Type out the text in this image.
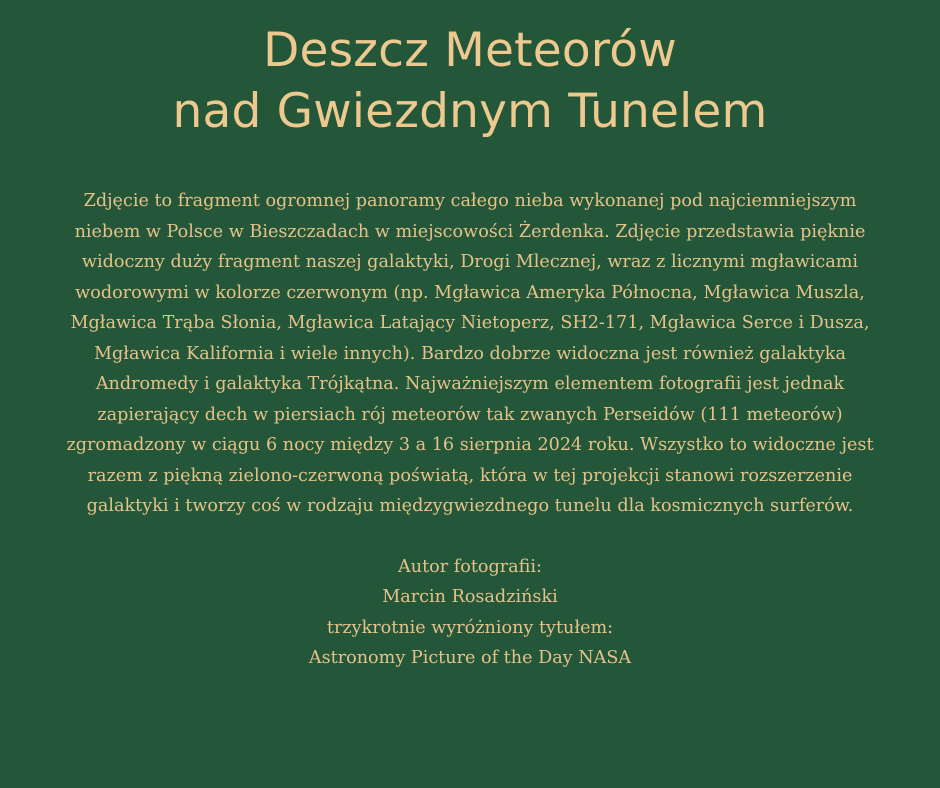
Deszcz Meteorów
nad Gwiezdnym Tunelem

Zdjęcie to fragment ogromnej panoramy całego nieba wykonanej pod najciemniejszym niebem w Polsce w Bieszczadach w miejscowości Żerdenka. Zdjęcie przedstawia pięknie widoczny duży fragment naszej galaktyki, Drogi Mlecznej, wraz z licznymi mgławicami wodorowymi w kolorze czerwonym (np. Mgławica Ameryka Północna, Mgławica Muszla, Mgławica Trąba Słonia, Mgławica Latający Nietoperz, SH2-171, Mgławica Serce i Dusza, Mgławica Kalifornia i wiele innych). Bardzo dobrze widoczna jest również galaktyka Andromedy i galaktyka Trójkątna. Najważniejszym elementem fotografii jest jednak zapierający dech w piersiach rój meteorów tak zwanych Perseidów (111 meteorów) zgromadzony w ciągu 6 nocy między 3 a 16 sierpnia 2024 roku. Wszystko to widoczne jest razem z piękną zielono-czerwoną poświatą, która w tej projekcji stanowi rozszerzenie galaktyki i tworzy coś w rodzaju międzygwiezdnego tunelu dla kosmicznych surferów.

Autor fotografii:
Marcin Rosadziński
trzykrotnie wyróżniony tytułem:
Astronomy Picture of the Day NASA
